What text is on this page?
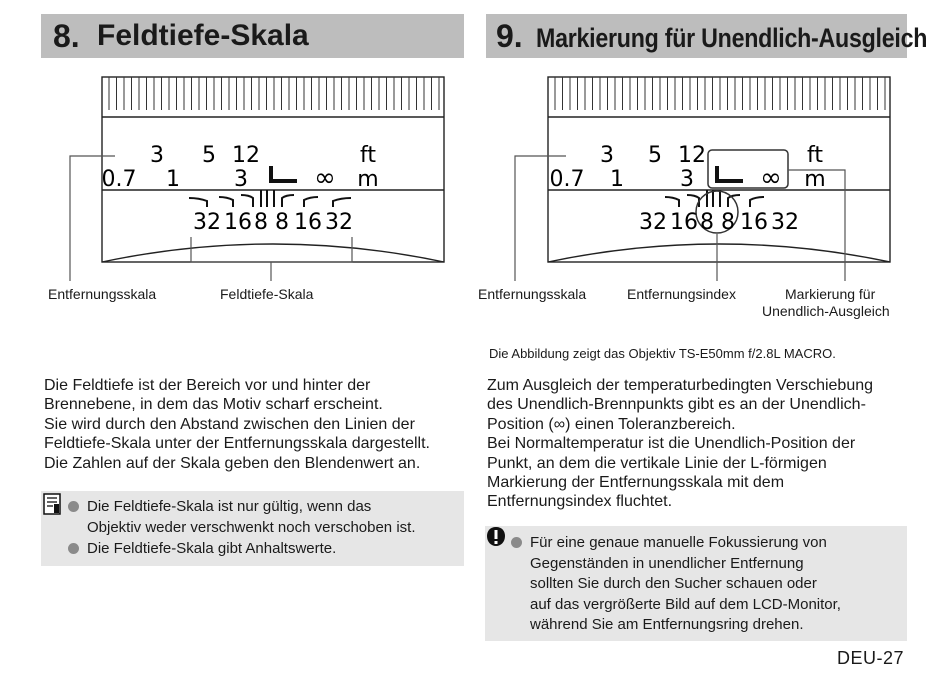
8. Feldtiefe-Skala	9. Markierung für Unendlich-Ausgleich
3 5 12	ft
0.7 1 3	∞ m
32 16 8 8 16 32
Entfernungsskala	Feldtiefe-Skala
3 5 12	ft
0.7 1	3	∞ m
32 16 8 8 16 32
Entfernungsskala	Entfernungsindex	Markierung für
Unendlich-Ausgleich
Die Abbildung zeigt das Objektiv TS-E50mm f/2.8L MACRO.
Die Feldtiefe ist der Bereich vor und hinter der
Brennebene, in dem das Motiv scharf erscheint.
Sie wird durch den Abstand zwischen den Linien der
Feldtiefe-Skala unter der Entfernungsskala dargestellt.
Die Zahlen auf der Skala geben den Blendenwert an.
Zum Ausgleich der temperaturbedingten Verschiebung
des Unendlich-Brennpunkts gibt es an der Unendlich-
Position (∞) einen Toleranzbereich.
Bei Normaltemperatur ist die Unendlich-Position der
Punkt, an dem die vertikale Linie der L-förmigen
Markierung der Entfernungsskala mit dem
Entfernungsindex fluchtet.
Die Feldtiefe-Skala ist nur gültig, wenn das
Objektiv weder verschwenkt noch verschoben ist.
Die Feldtiefe-Skala gibt Anhaltswerte.	Für eine genaue manuelle Fokussierung von
Gegenständen in unendlicher Entfernung
sollten Sie durch den Sucher schauen oder
auf das vergrößerte Bild auf dem LCD-Monitor,
während Sie am Entfernungsring drehen.
DEU-27
